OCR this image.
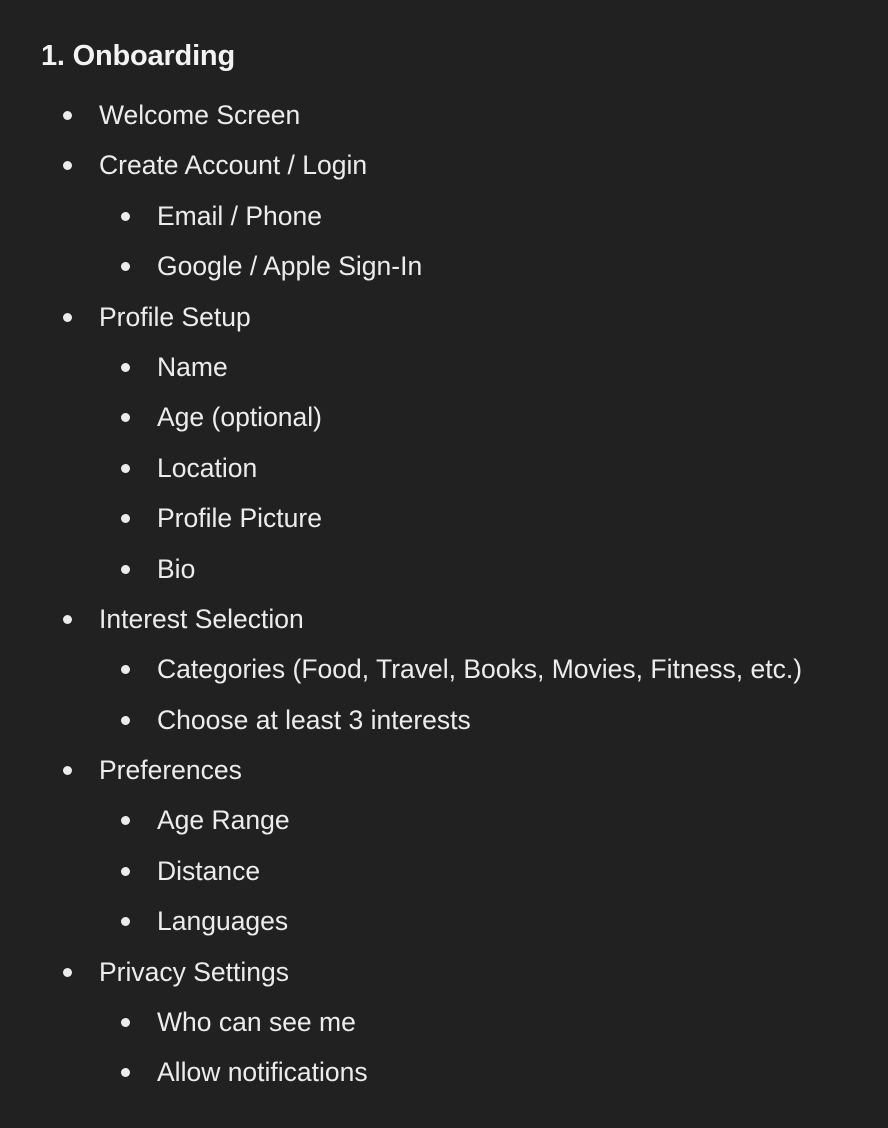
1. Onboarding
Welcome Screen
Create Account / Login
Email / Phone
Google / Apple Sign-In
Profile Setup
Name
Age (optional)
Location
Profile Picture
Bio
Interest Selection
Categories (Food, Travel, Books, Movies, Fitness, etc.)
Choose at least 3 interests
Preferences
Age Range
Distance
Languages
Privacy Settings
Who can see me
Allow notifications
